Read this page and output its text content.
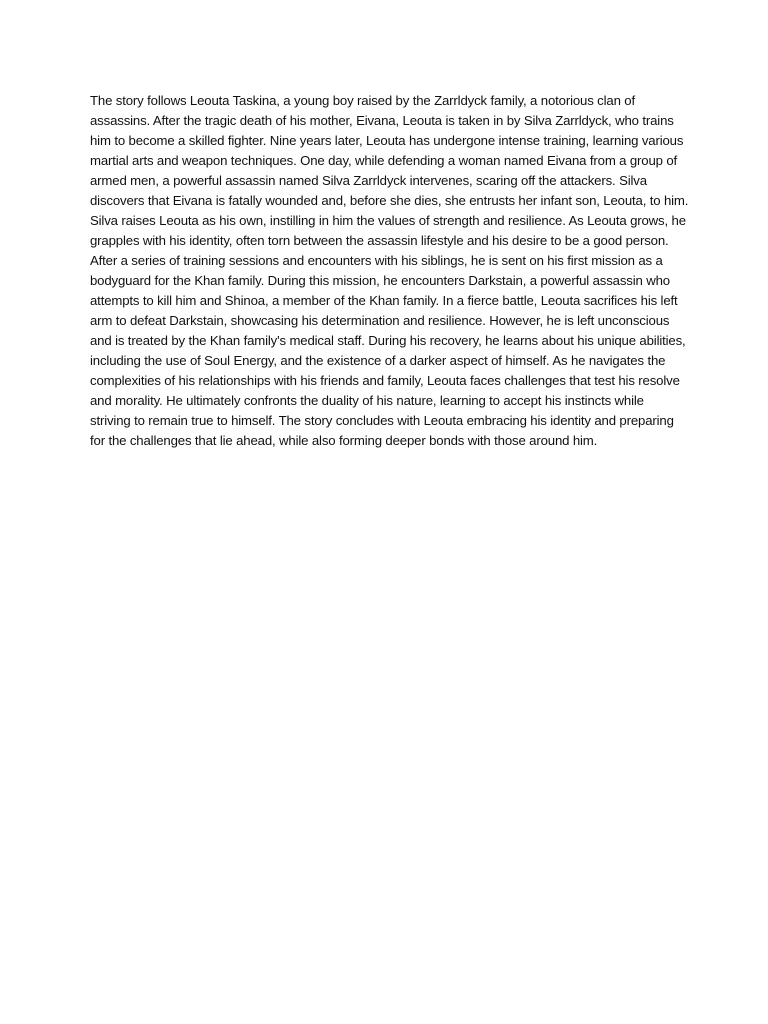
The story follows Leouta Taskina, a young boy raised by the Zarrldyck family, a notorious clan of
assassins. After the tragic death of his mother, Eivana, Leouta is taken in by Silva Zarrldyck, who trains
him to become a skilled fighter. Nine years later, Leouta has undergone intense training, learning various
martial arts and weapon techniques. One day, while defending a woman named Eivana from a group of
armed men, a powerful assassin named Silva Zarrldyck intervenes, scaring off the attackers. Silva
discovers that Eivana is fatally wounded and, before she dies, she entrusts her infant son, Leouta, to him.
Silva raises Leouta as his own, instilling in him the values of strength and resilience. As Leouta grows, he
grapples with his identity, often torn between the assassin lifestyle and his desire to be a good person.
After a series of training sessions and encounters with his siblings, he is sent on his first mission as a
bodyguard for the Khan family. During this mission, he encounters Darkstain, a powerful assassin who
attempts to kill him and Shinoa, a member of the Khan family. In a fierce battle, Leouta sacrifices his left
arm to defeat Darkstain, showcasing his determination and resilience. However, he is left unconscious
and is treated by the Khan family's medical staff. During his recovery, he learns about his unique abilities,
including the use of Soul Energy, and the existence of a darker aspect of himself. As he navigates the
complexities of his relationships with his friends and family, Leouta faces challenges that test his resolve
and morality. He ultimately confronts the duality of his nature, learning to accept his instincts while
striving to remain true to himself. The story concludes with Leouta embracing his identity and preparing
for the challenges that lie ahead, while also forming deeper bonds with those around him.
